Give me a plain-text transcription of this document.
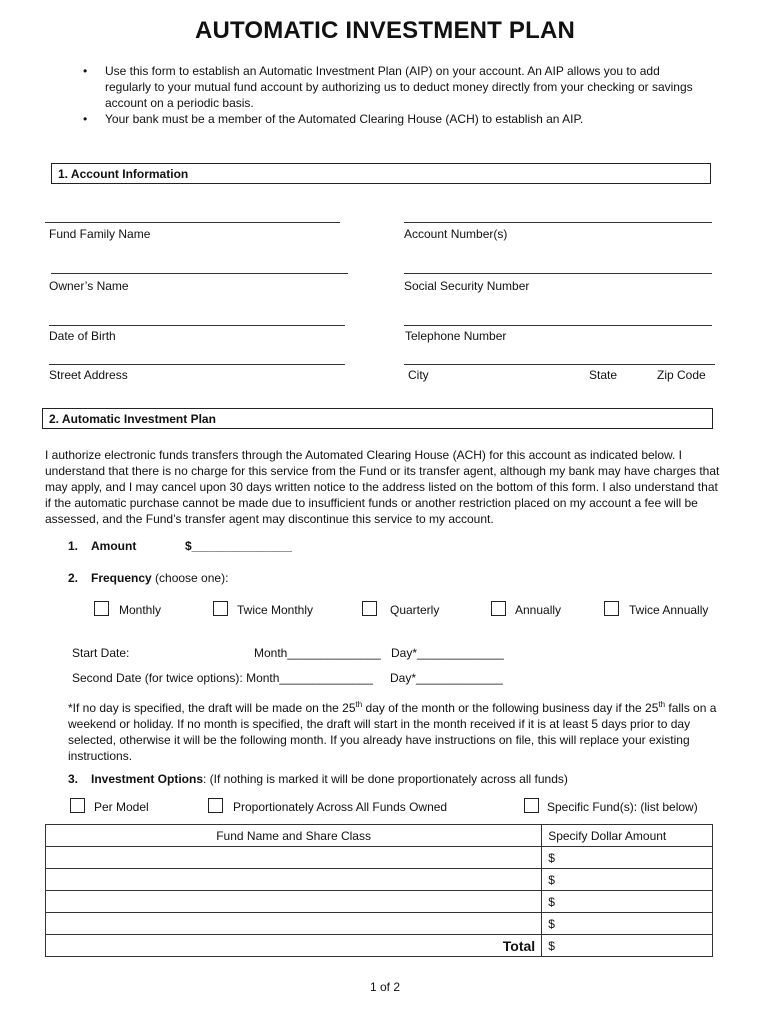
AUTOMATIC INVESTMENT PLAN
• Use this form to establish an Automatic Investment Plan (AIP) on your account. An AIP allows you to add regularly to your mutual fund account by authorizing us to deduct money directly from your checking or savings account on a periodic basis.
• Your bank must be a member of the Automated Clearing House (ACH) to establish an AIP.
1. Account Information
Fund Family Name	Account Number(s)
Owner’s Name	Social Security Number
Date of Birth	Telephone Number
Street Address	City	State	Zip Code
2. Automatic Investment Plan
I authorize electronic funds transfers through the Automated Clearing House (ACH) for this account as indicated below. I understand that there is no charge for this service from the Fund or its transfer agent, although my bank may have charges that may apply, and I may cancel upon 30 days written notice to the address listed on the bottom of this form. I also understand that if the automatic purchase cannot be made due to insufficient funds or another restriction placed on my account a fee will be assessed, and the Fund’s transfer agent may discontinue this service to my account.
1. Amount	$_______________
2. Frequency (choose one):
Monthly	Twice Monthly	Quarterly	Annually	Twice Annually
Start Date:	Month______________ Day*_____________
Second Date (for twice options): Month______________ Day*_____________
*If no day is specified, the draft will be made on the 25th day of the month or the following business day if the 25th falls on a weekend or holiday. If no month is specified, the draft will start in the month received if it is at least 5 days prior to day selected, otherwise it will be the following month. If you already have instructions on file, this will replace your existing instructions.
3. Investment Options: (If nothing is marked it will be done proportionately across all funds)
Per Model	Proportionately Across All Funds Owned	Specific Fund(s): (list below)
Fund Name and Share Class	Specify Dollar Amount
	$
	$
	$
	$
Total	$
1 of 2
